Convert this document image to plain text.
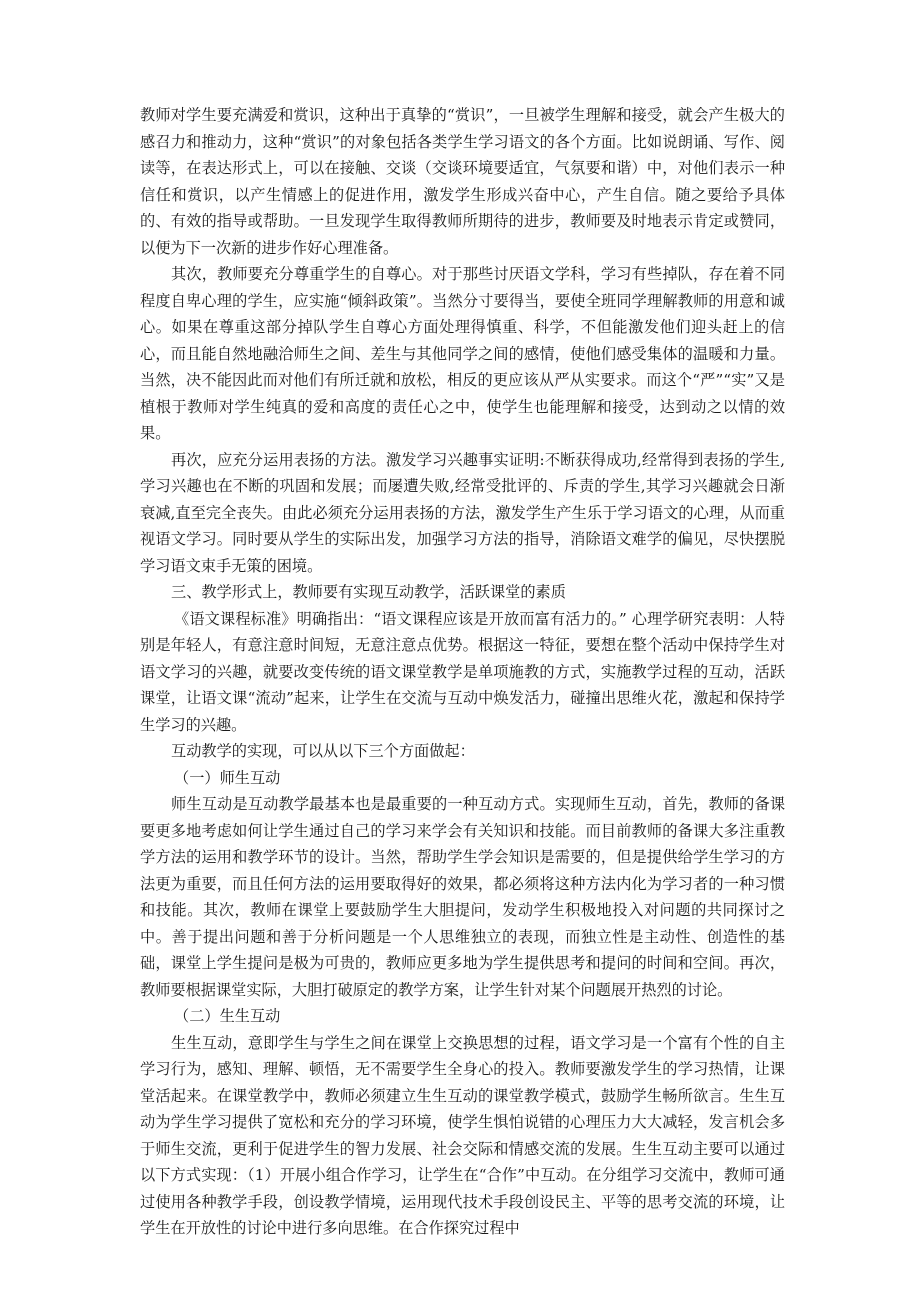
教师对学生要充满爱和赏识，这种出于真挚的“赏识”，一旦被学生理解和接受，就会产生极大的感召力和推动力，这种“赏识”的对象包括各类学生学习语文的各个方面。比如说朗诵、写作、阅读等，在表达形式上，可以在接触、交谈（交谈环境要适宜，气氛要和谐）中，对他们表示一种信任和赏识，以产生情感上的促进作用，激发学生形成兴奋中心，产生自信。随之要给予具体的、有效的指导或帮助。一旦发现学生取得教师所期待的进步，教师要及时地表示肯定或赞同，以便为下一次新的进步作好心理准备。

其次，教师要充分尊重学生的自尊心。对于那些讨厌语文学科，学习有些掉队，存在着不同程度自卑心理的学生，应实施“倾斜政策”。当然分寸要得当，要使全班同学理解教师的用意和诚心。如果在尊重这部分掉队学生自尊心方面处理得慎重、科学，不但能激发他们迎头赶上的信心，而且能自然地融洽师生之间、差生与其他同学之间的感情，使他们感受集体的温暖和力量。当然，决不能因此而对他们有所迁就和放松，相反的更应该从严从实要求。而这个“严”“实”又是植根于教师对学生纯真的爱和高度的责任心之中，使学生也能理解和接受，达到动之以情的效果。

再次，应充分运用表扬的方法。激发学习兴趣事实证明:不断获得成功,经常得到表扬的学生,学习兴趣也在不断的巩固和发展；而屡遭失败,经常受批评的、斥责的学生,其学习兴趣就会日渐衰减,直至完全丧失。由此必须充分运用表扬的方法，激发学生产生乐于学习语文的心理，从而重视语文学习。同时要从学生的实际出发，加强学习方法的指导，消除语文难学的偏见，尽快摆脱学习语文束手无策的困境。

三、教学形式上，教师要有实现互动教学，活跃课堂的素质

《语文课程标准》明确指出：“语文课程应该是开放而富有活力的。” 心理学研究表明：人特别是年轻人，有意注意时间短，无意注意点优势。根据这一特征，要想在整个活动中保持学生对语文学习的兴趣，就要改变传统的语文课堂教学是单项施教的方式，实施教学过程的互动，活跃课堂，让语文课“流动”起来，让学生在交流与互动中焕发活力，碰撞出思维火花，激起和保持学生学习的兴趣。

互动教学的实现，可以从以下三个方面做起：

（一）师生互动

师生互动是互动教学最基本也是最重要的一种互动方式。实现师生互动，首先，教师的备课要更多地考虑如何让学生通过自己的学习来学会有关知识和技能。而目前教师的备课大多注重教学方法的运用和教学环节的设计。当然，帮助学生学会知识是需要的，但是提供给学生学习的方法更为重要，而且任何方法的运用要取得好的效果，都必须将这种方法内化为学习者的一种习惯和技能。其次，教师在课堂上要鼓励学生大胆提问，发动学生积极地投入对问题的共同探讨之中。善于提出问题和善于分析问题是一个人思维独立的表现，而独立性是主动性、创造性的基础，课堂上学生提问是极为可贵的，教师应更多地为学生提供思考和提问的时间和空间。再次，教师要根据课堂实际，大胆打破原定的教学方案，让学生针对某个问题展开热烈的讨论。

（二）生生互动

生生互动，意即学生与学生之间在课堂上交换思想的过程，语文学习是一个富有个性的自主学习行为，感知、理解、顿悟，无不需要学生全身心的投入。教师要激发学生的学习热情，让课堂活起来。在课堂教学中，教师必须建立生生互动的课堂教学模式，鼓励学生畅所欲言。生生互动为学生学习提供了宽松和充分的学习环境，使学生惧怕说错的心理压力大大减轻，发言机会多于师生交流，更利于促进学生的智力发展、社会交际和情感交流的发展。生生互动主要可以通过以下方式实现：（1）开展小组合作学习，让学生在“合作”中互动。在分组学习交流中，教师可通过使用各种教学手段，创设教学情境，运用现代技术手段创设民主、平等的思考交流的环境，让学生在开放性的讨论中进行多向思维。在合作探究过程中
